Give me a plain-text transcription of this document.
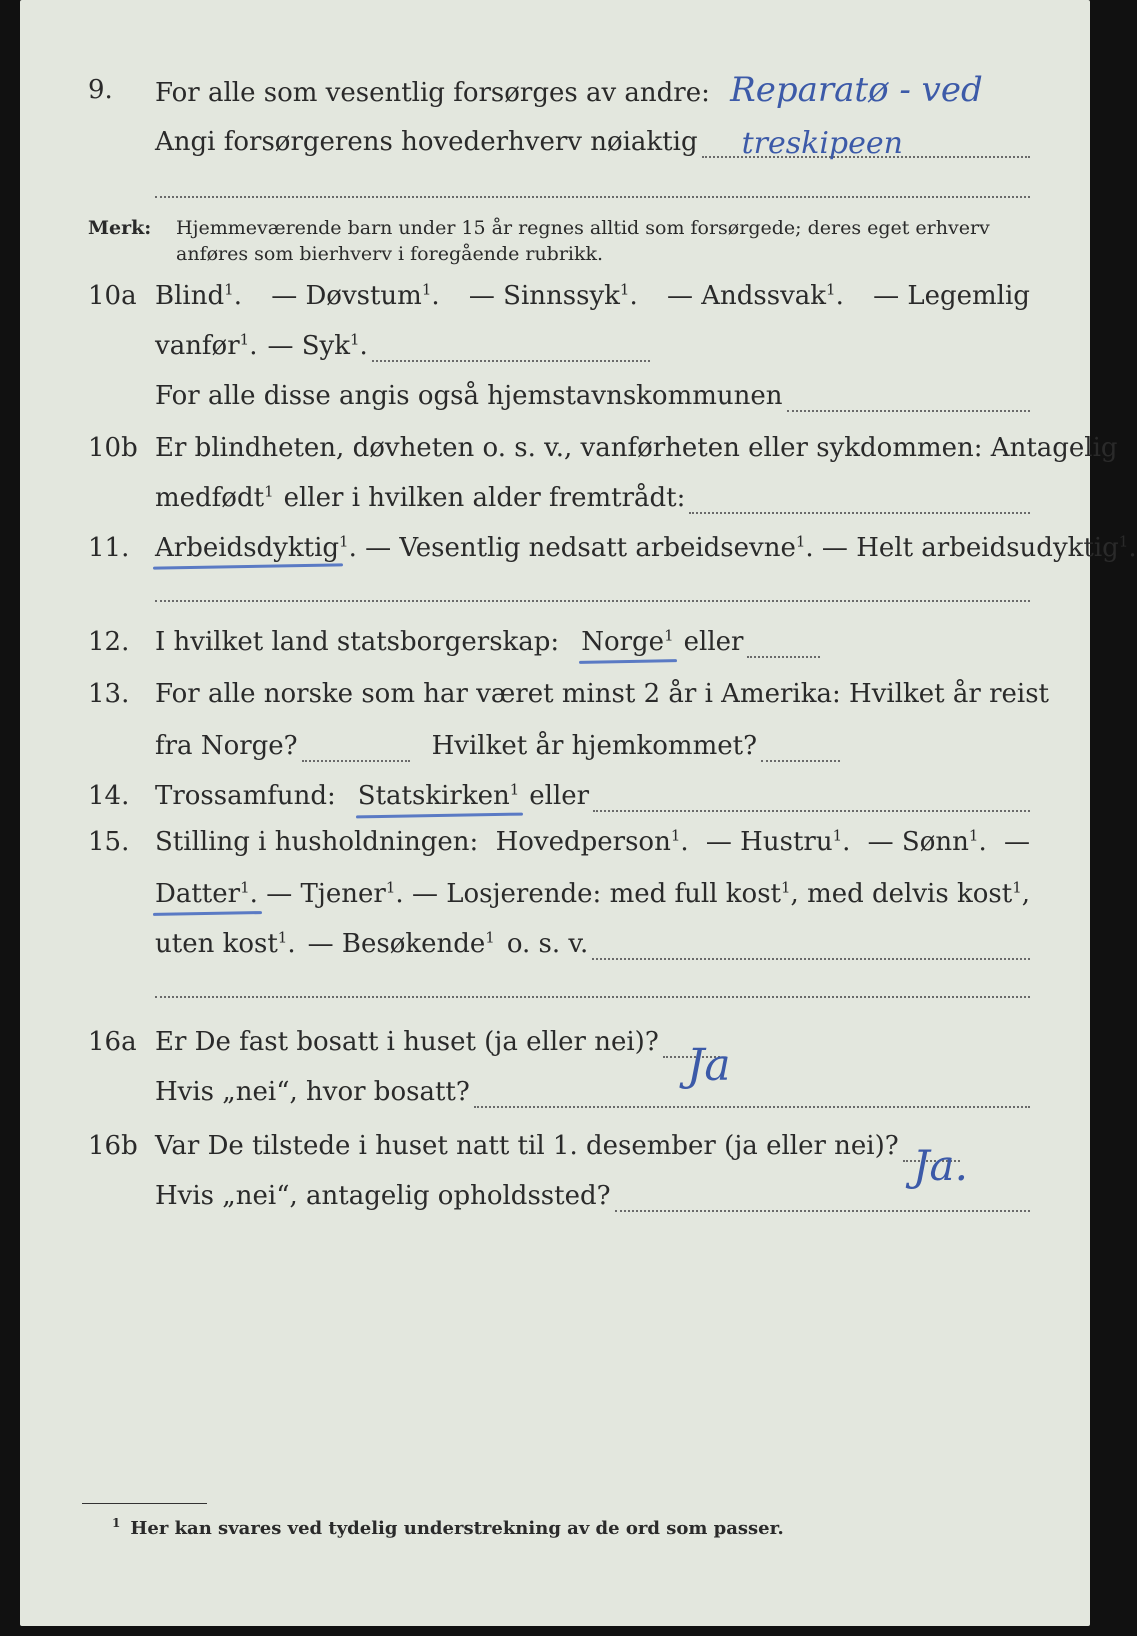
9. For alle som vesentlig forsørges av andre: Reparatø - ved
Angi forsørgerens hovederhverv nøiaktig treskipeen
Merk: Hjemmeværende barn under 15 år regnes alltid som forsørgede; deres eget erhverv anføres som bierhverv i foregående rubrikk.
10a Blind$^1$. — Døvstum$^1$. — Sinnssyk$^1$. — Andssvak$^1$. — Legemlig
vanfør$^1$. — Syk$^1$.
For alle disse angis også hjemstavnskommunen
10b Er blindheten, døvheten o. s. v., vanførheten eller sykdommen: Antagelig
medfødt$^1$ eller i hvilken alder fremtrådt:
11. Arbeidsdyktig$^1$. — Vesentlig nedsatt arbeidsevne$^1$. — Helt arbeidsudyktig$^1$.
12. I hvilket land statsborgerskap: Norge$^1$ eller
13. For alle norske som har været minst 2 år i Amerika: Hvilket år reist
fra Norge?	Hvilket år hjemkommet?
14. Trossamfund: Statskirken$^1$ eller
15. Stilling i husholdningen: Hovedperson$^1$. — Hustru$^1$. — Sønn$^1$. —
Datter$^1$. — Tjener$^1$. — Losjerende: med full kost$^1$, med delvis kost$^1$,
uten kost$^1$. — Besøkende$^1$ o. s. v.
16a Er De fast bosatt i huset (ja eller nei)? Ja
Hvis „nei“, hvor bosatt?
16b Var De tilstede i huset natt til 1. desember (ja eller nei)? Ja.
Hvis „nei“, antagelig opholdssted?
$^1$ Her kan svares ved tydelig understrekning av de ord som passer.
